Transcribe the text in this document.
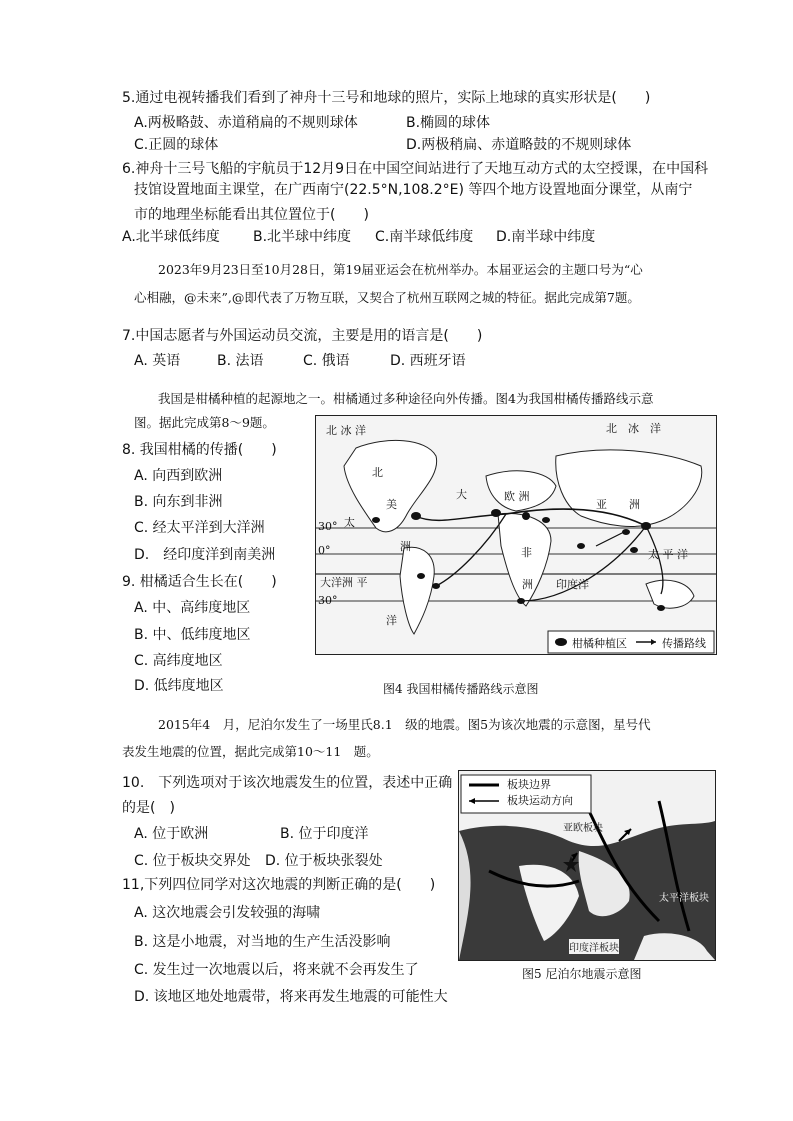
5.通过电视转播我们看到了神舟十三号和地球的照片，实际上地球的真实形状是(　　)
A.两极略鼓、赤道稍扁的不规则球体	B.椭圆的球体
C.正圆的球体	D.两极稍扁、赤道略鼓的不规则球体
6.神舟十三号飞船的宇航员于12月9日在中国空间站进行了天地互动方式的太空授课，在中国科
技馆设置地面主课堂，在广西南宁(22.5°N,108.2°E) 等四个地方设置地面分课堂，从南宁
市的地理坐标能看出其位置位于(　　)
A.北半球低纬度 B.北半球中纬度 C.南半球低纬度 D.南半球中纬度
2023年9月23日至10月28日，第19届亚运会在杭州举办。本届亚运会的主题口号为“心
心相融，@未来”,@即代表了万物互联，又契合了杭州互联网之城的特征。据此完成第7题。
7.中国志愿者与外国运动员交流，主要是用的语言是(　　)
A. 英语	B. 法语	C. 俄语	D. 西班牙语
我国是柑橘种植的起源地之一。柑橘通过多种途径向外传播。图4为我国柑橘传播路线示意
图。据此完成第8～9题。
8. 我国柑橘的传播(　　)
A. 向西到欧洲
B. 向东到非洲
C. 经太平洋到大洋洲
D.　经印度洋到南美洲
9. 柑橘适合生长在(　　)
A. 中、高纬度地区
B. 中、低纬度地区
C. 高纬度地区
D. 低纬度地区
北 冰 洋	北　冰　洋
北
大
美
太
洲
欧 洲
亚　　洲
30°
0°	非	太 平 洋
大洋洲 平	洲 印度洋
30°
洋
柑橘种植区	传播路线
图4 我国柑橘传播路线示意图
2015年4　月，尼泊尔发生了一场里氏8.1　级的地震。图5为该次地震的示意图，星号代
表发生地震的位置，据此完成第10～11　题。
10.　下列选项对于该次地震发生的位置，表述中正确
的是(　)
A. 位于欧洲	B. 位于印度洋
C. 位于板块交界处 D. 位于板块张裂处
11,下列四位同学对这次地震的判断正确的是(　　)
A. 这次地震会引发较强的海啸
B. 这是小地震，对当地的生产生活没影响
C. 发生过一次地震以后，将来就不会再发生了
D. 该地区地处地震带，将来再发生地震的可能性大
板块边界
板块运动方向
亚欧板块
太平洋板块
印度洋板块
图5 尼泊尔地震示意图
